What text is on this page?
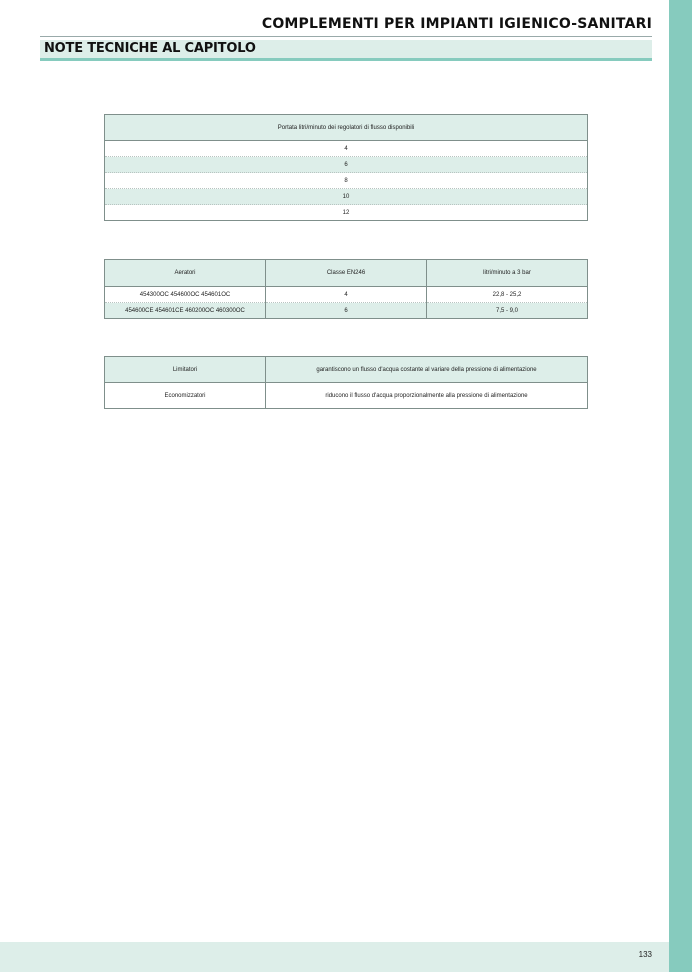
COMPLEMENTI PER IMPIANTI IGIENICO-SANITARI
NOTE TECNICHE AL CAPITOLO
Portata litri/minuto dei regolatori di flusso disponibili
4
6
8
10
12
Aeratori	Classe EN246	litri/minuto a 3 bar
454300OC 454600OC 454601OC	4	22,8 - 25,2
454600CE 454601CE 460200OC 460300OC	6	7,5 - 9,0
Limitatori	garantiscono un flusso d'acqua costante al variare della pressione di alimentazione
Economizzatori	riducono il flusso d'acqua proporzionalmente alla pressione di alimentazione
133
